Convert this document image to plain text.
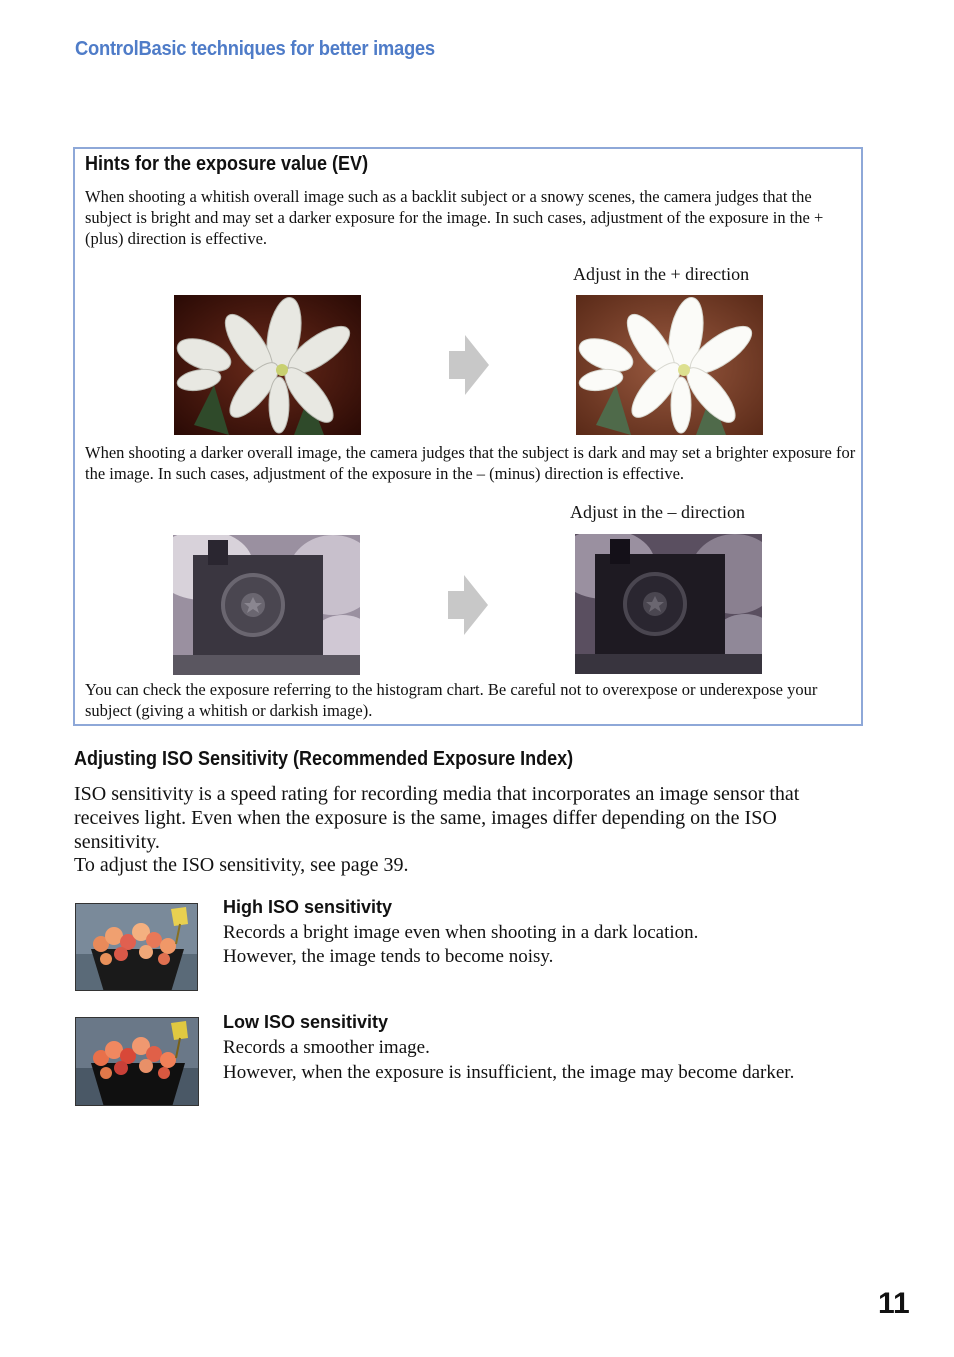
ControlBasic techniques for better images
Hints for the exposure value (EV)
When shooting a whitish overall image such as a backlit subject or a snowy scenes, the camera judges that the subject is bright and may set a darker exposure for the image. In such cases, adjustment of the exposure in the + (plus) direction is effective.
Adjust in the + direction
When shooting a darker overall image, the camera judges that the subject is dark and may set a brighter exposure for the image. In such cases, adjustment of the exposure in the – (minus) direction is effective.
Adjust in the – direction
You can check the exposure referring to the histogram chart. Be careful not to overexpose or underexpose your subject (giving a whitish or darkish image).
Adjusting ISO Sensitivity (Recommended Exposure Index)
ISO sensitivity is a speed rating for recording media that incorporates an image sensor that receives light. Even when the exposure is the same, images differ depending on the ISO sensitivity.
To adjust the ISO sensitivity, see page 39.
High ISO sensitivity
Records a bright image even when shooting in a dark location.
However, the image tends to become noisy.
Low ISO sensitivity
Records a smoother image.
However, when the exposure is insufficient, the image may become darker.
11
